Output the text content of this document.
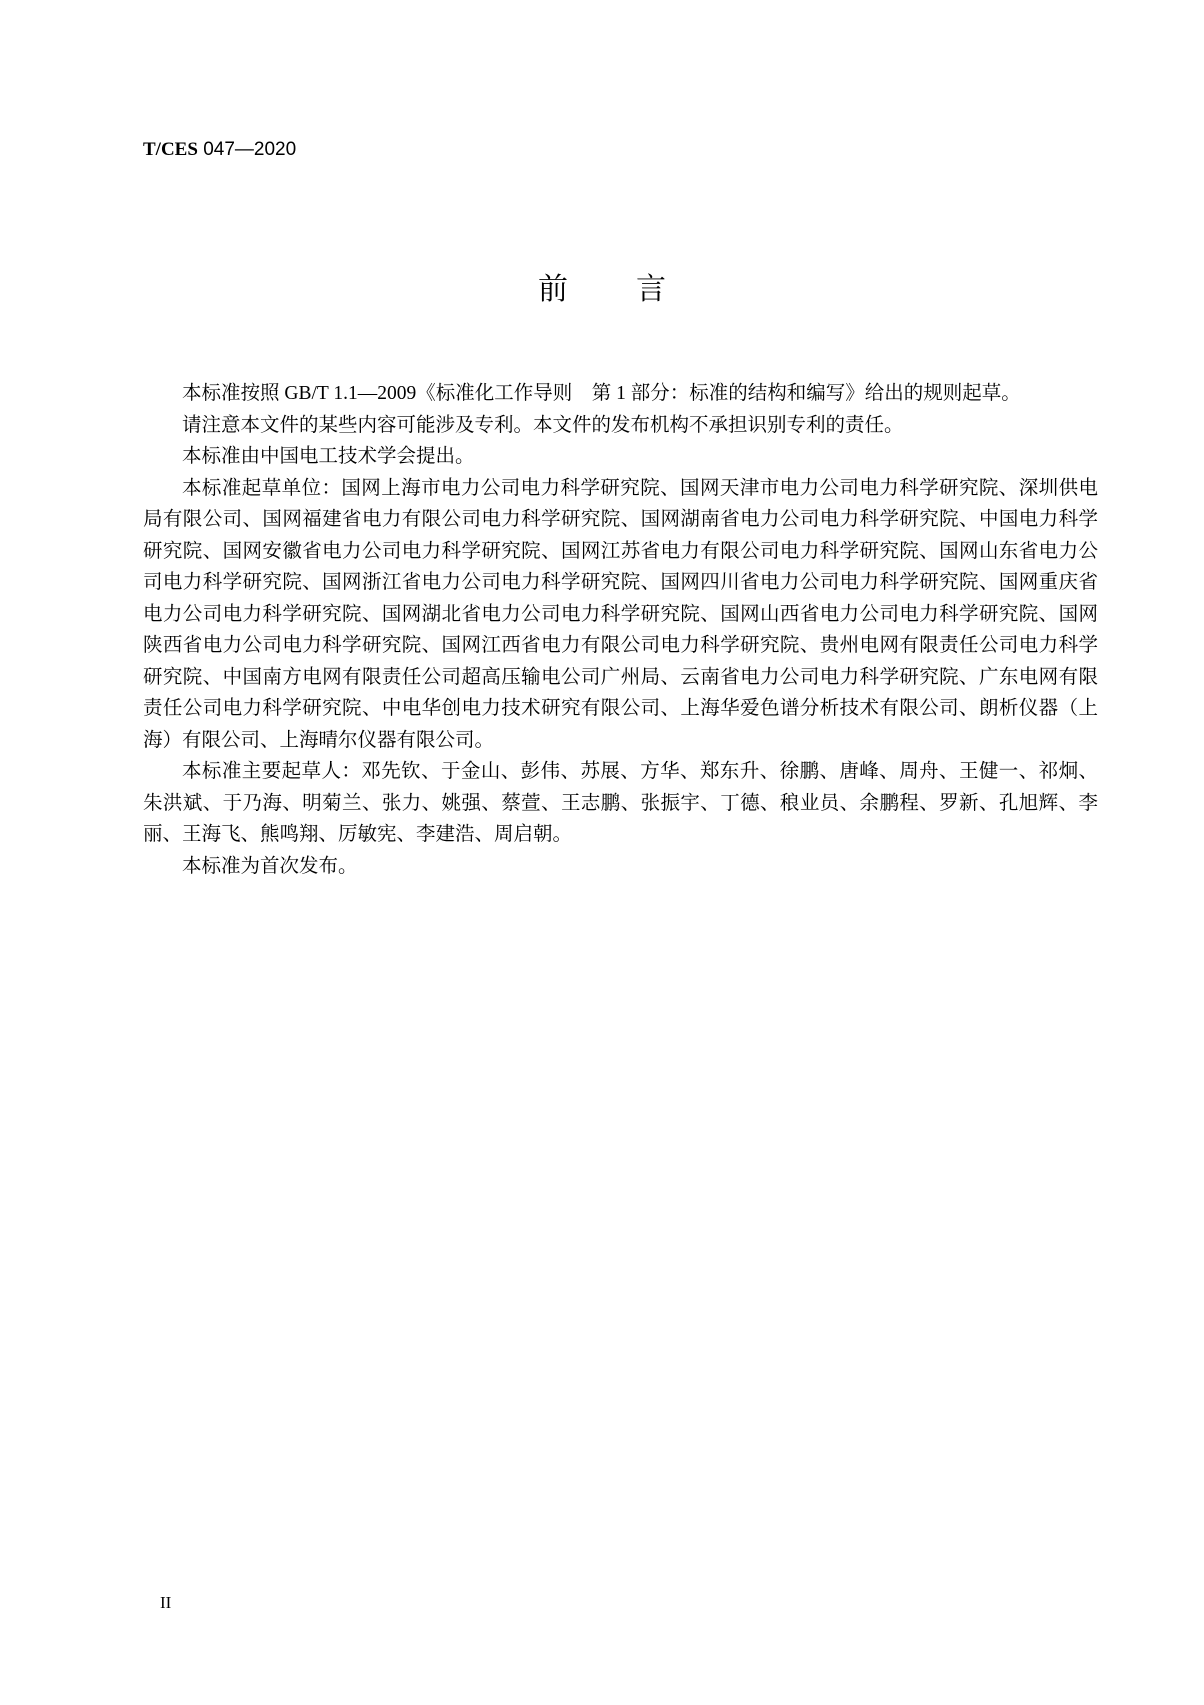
T/CES 047—2020
前 言

本标准按照 GB/T 1.1—2009《标准化工作导则　第 1 部分：标准的结构和编写》给出的规则起草。

请注意本文件的某些内容可能涉及专利。本文件的发布机构不承担识别专利的责任。

本标准由中国电工技术学会提出。

本标准起草单位：国网上海市电力公司电力科学研究院、国网天津市电力公司电力科学研究院、深圳供电局有限公司、国网福建省电力有限公司电力科学研究院、国网湖南省电力公司电力科学研究院、中国电力科学研究院、国网安徽省电力公司电力科学研究院、国网江苏省电力有限公司电力科学研究院、国网山东省电力公司电力科学研究院、国网浙江省电力公司电力科学研究院、国网四川省电力公司电力科学研究院、国网重庆省电力公司电力科学研究院、国网湖北省电力公司电力科学研究院、国网山西省电力公司电力科学研究院、国网陕西省电力公司电力科学研究院、国网江西省电力有限公司电力科学研究院、贵州电网有限责任公司电力科学研究院、中国南方电网有限责任公司超高压输电公司广州局、云南省电力公司电力科学研究院、广东电网有限责任公司电力科学研究院、中电华创电力技术研究有限公司、上海华爱色谱分析技术有限公司、朗析仪器（上海）有限公司、上海晴尔仪器有限公司。

本标准主要起草人：邓先钦、于金山、彭伟、苏展、方华、郑东升、徐鹏、唐峰、周舟、王健一、祁炯、朱洪斌、于乃海、明菊兰、张力、姚强、蔡萱、王志鹏、张振宇、丁德、稂业员、余鹏程、罗新、孔旭辉、李丽、王海飞、熊鸣翔、厉敏宪、李建浩、周启朝。

本标准为首次发布。

II
